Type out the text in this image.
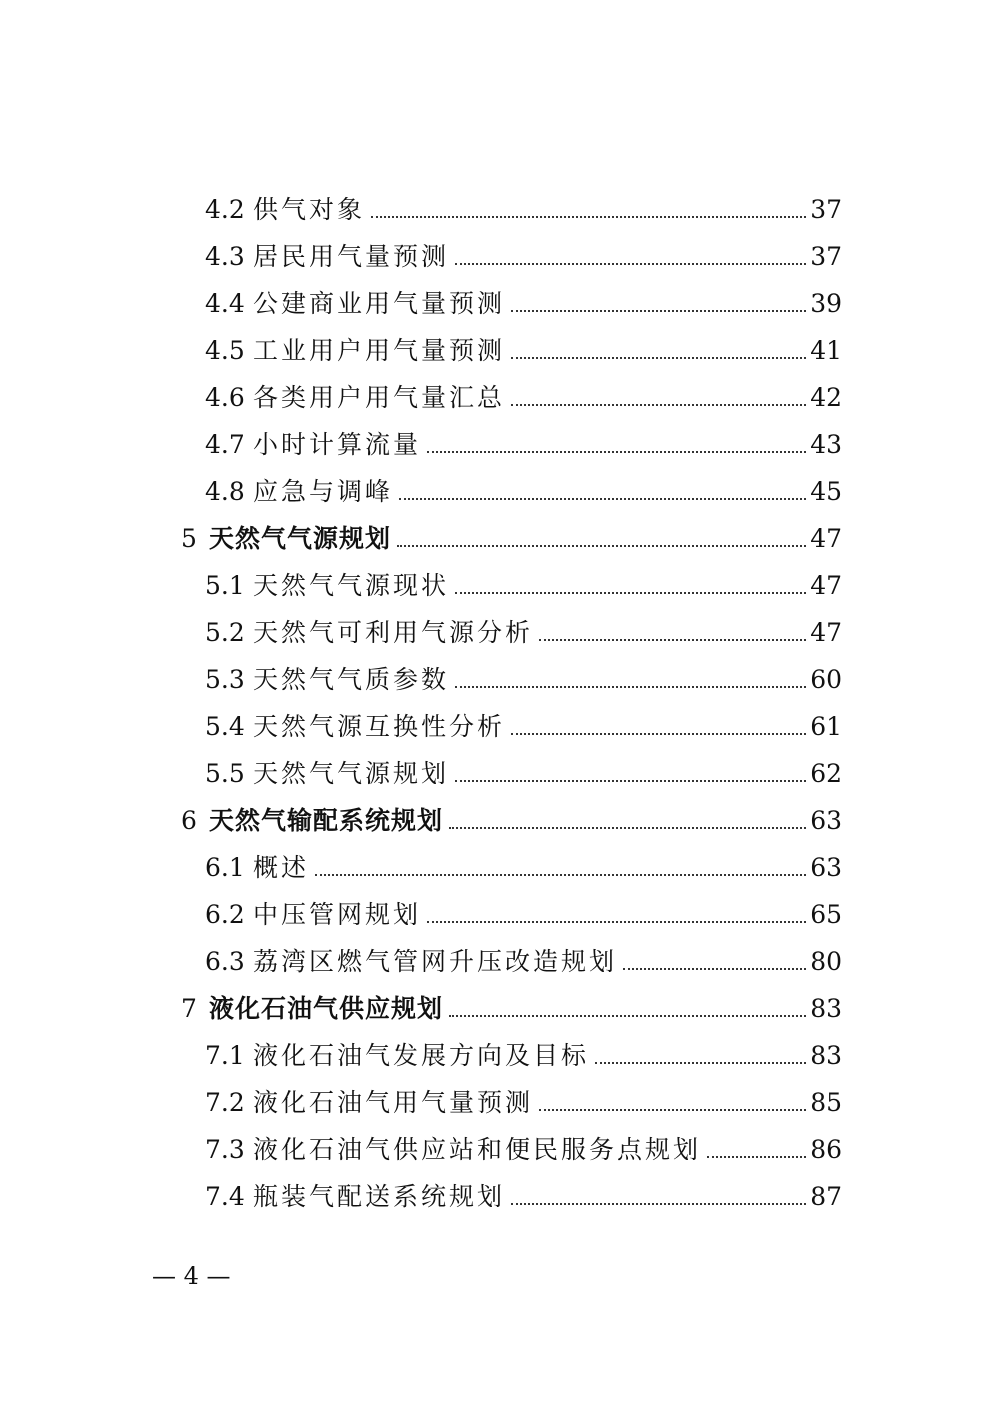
4.2 供气对象	37
4.3 居民用气量预测	37
4.4 公建商业用气量预测	39
4.5 工业用户用气量预测	41
4.6 各类用户用气量汇总	42
4.7 小时计算流量	43
4.8 应急与调峰	45
5 天然气气源规划	47
5.1 天然气气源现状	47
5.2 天然气可利用气源分析	47
5.3 天然气气质参数	60
5.4 天然气源互换性分析	61
5.5 天然气气源规划	62
6 天然气输配系统规划	63
6.1 概述	63
6.2 中压管网规划	65
6.3 荔湾区燃气管网升压改造规划	80
7 液化石油气供应规划	83
7.1 液化石油气发展方向及目标	83
7.2 液化石油气用气量预测	85
7.3 液化石油气供应站和便民服务点规划	86
7.4 瓶装气配送系统规划	87
— 4 —
